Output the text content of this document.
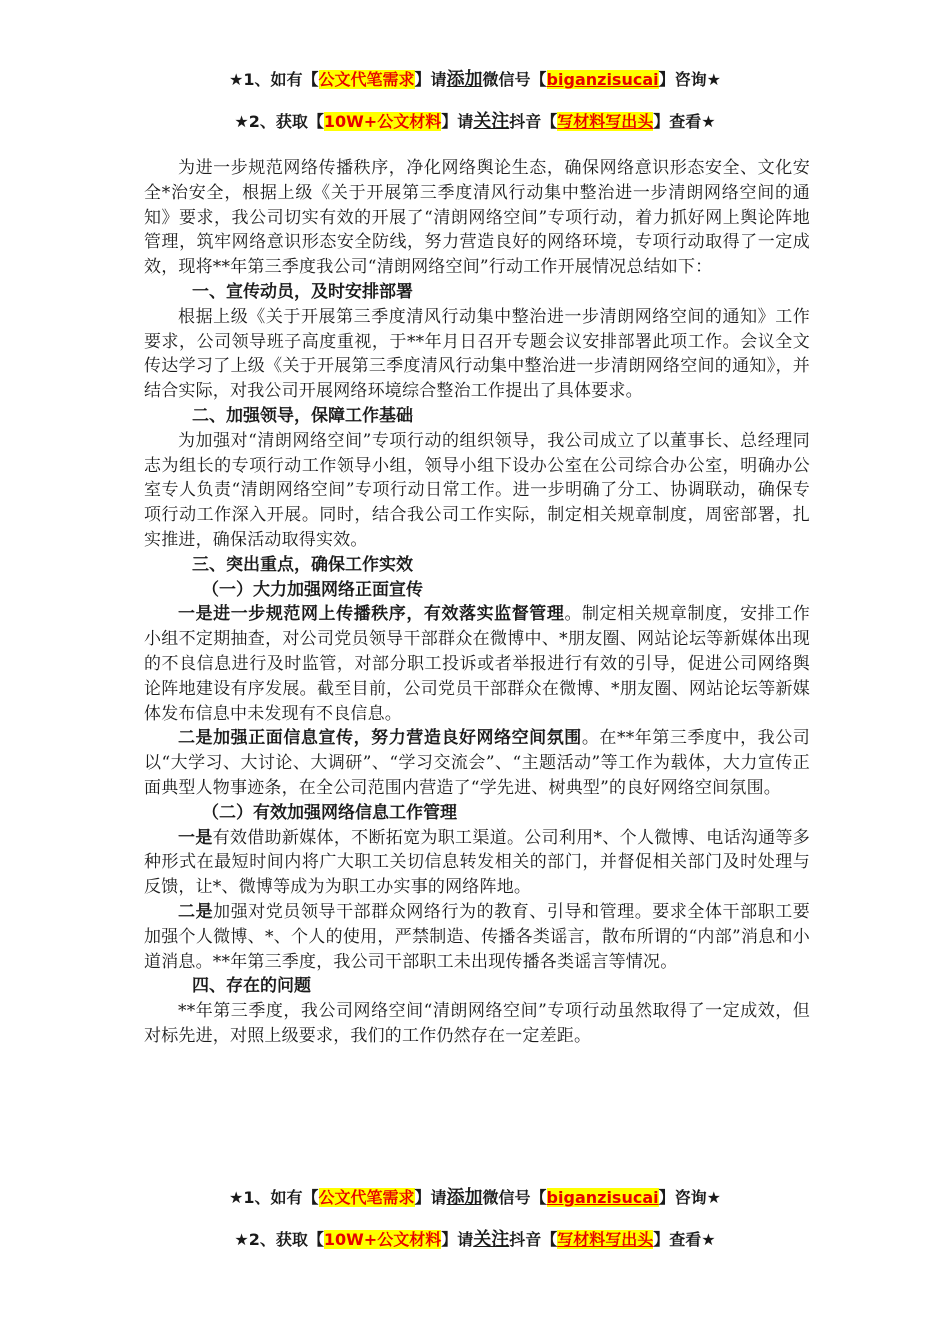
★1、如有【公文代笔需求】请添加微信号【biganzisucai】咨询★
★2、获取【10W+公文材料】请关注抖音【写材料写出头】查看★

为进一步规范网络传播秩序，净化网络舆论生态，确保网络意识形态安全、文化安全*治安全，根据上级《关于开展第三季度清风行动集中整治进一步清朗网络空间的通知》要求，我公司切实有效的开展了“清朗网络空间”专项行动，着力抓好网上舆论阵地管理，筑牢网络意识形态安全防线，努力营造良好的网络环境，专项行动取得了一定成效，现将**年第三季度我公司“清朗网络空间”行动工作开展情况总结如下：

一、宣传动员，及时安排部署

根据上级《关于开展第三季度清风行动集中整治进一步清朗网络空间的通知》工作要求，公司领导班子高度重视，于**年月日召开专题会议安排部署此项工作。会议全文传达学习了上级《关于开展第三季度清风行动集中整治进一步清朗网络空间的通知》，并结合实际，对我公司开展网络环境综合整治工作提出了具体要求。

二、加强领导，保障工作基础

为加强对“清朗网络空间”专项行动的组织领导，我公司成立了以董事长、总经理同志为组长的专项行动工作领导小组，领导小组下设办公室在公司综合办公室，明确办公室专人负责“清朗网络空间”专项行动日常工作。进一步明确了分工、协调联动，确保专项行动工作深入开展。同时，结合我公司工作实际，制定相关规章制度，周密部署，扎实推进，确保活动取得实效。

三、突出重点，确保工作实效

（一）大力加强网络正面宣传

一是进一步规范网上传播秩序，有效落实监督管理。制定相关规章制度，安排工作小组不定期抽查，对公司党员领导干部群众在微博中、*朋友圈、网站论坛等新媒体出现的不良信息进行及时监管，对部分职工投诉或者举报进行有效的引导，促进公司网络舆论阵地建设有序发展。截至目前，公司党员干部群众在微博、*朋友圈、网站论坛等新媒体发布信息中未发现有不良信息。

二是加强正面信息宣传，努力营造良好网络空间氛围。在**年第三季度中，我公司以“大学习、大讨论、大调研”、“学习交流会”、“主题活动”等工作为载体，大力宣传正面典型人物事迹条，在全公司范围内营造了“学先进、树典型”的良好网络空间氛围。

（二）有效加强网络信息工作管理

一是有效借助新媒体，不断拓宽为职工渠道。公司利用*、个人微博、电话沟通等多种形式在最短时间内将广大职工关切信息转发相关的部门，并督促相关部门及时处理与反馈，让*、微博等成为为职工办实事的网络阵地。

二是加强对党员领导干部群众网络行为的教育、引导和管理。要求全体干部职工要加强个人微博、*、个人的使用，严禁制造、传播各类谣言，散布所谓的“内部”消息和小道消息。**年第三季度，我公司干部职工未出现传播各类谣言等情况。

四、存在的问题

**年第三季度，我公司网络空间“清朗网络空间”专项行动虽然取得了一定成效，但对标先进，对照上级要求，我们的工作仍然存在一定差距。

★1、如有【公文代笔需求】请添加微信号【biganzisucai】咨询★
★2、获取【10W+公文材料】请关注抖音【写材料写出头】查看★
